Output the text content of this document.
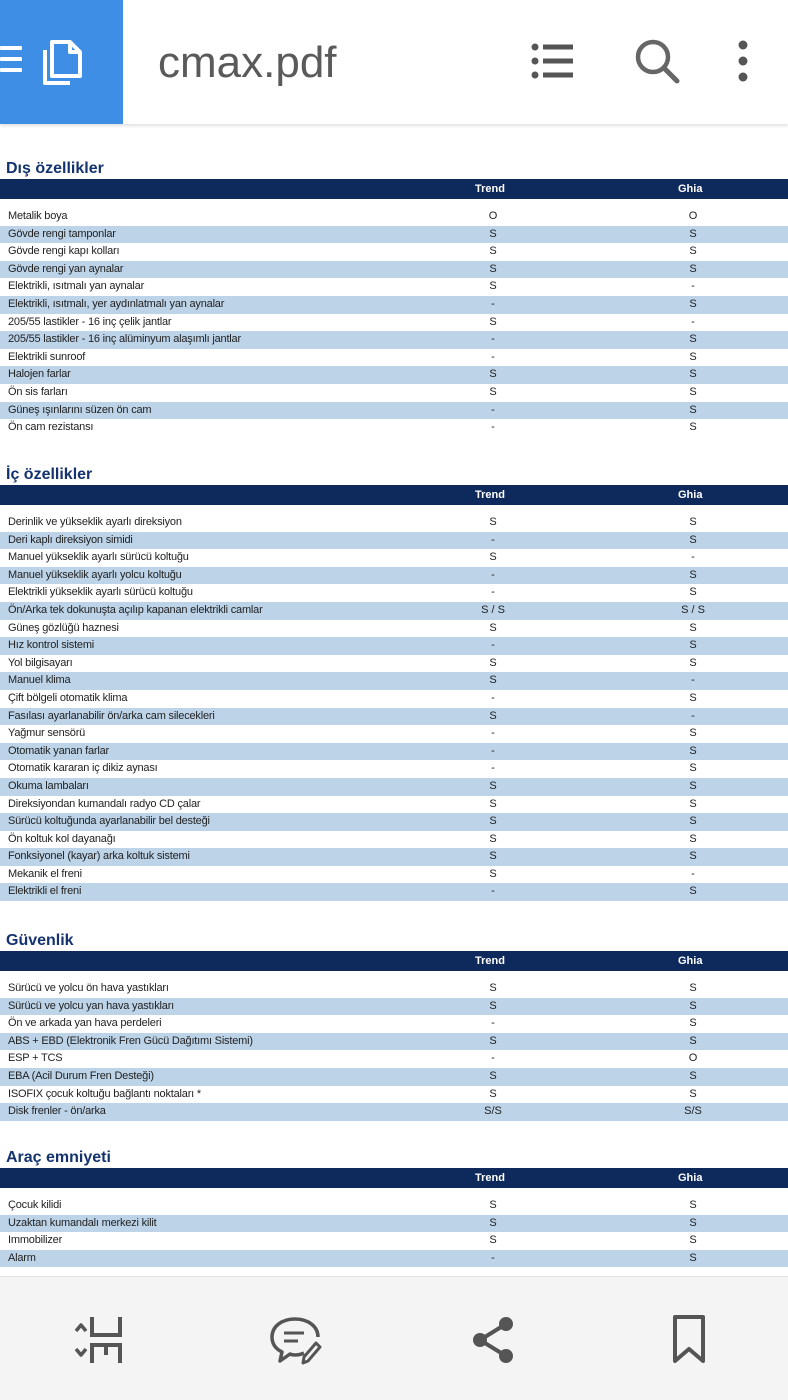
cmax.pdf
Dış özellikler
Trend	Ghia
Metalik boya	O	O
Gövde rengi tamponlar	S	S
Gövde rengi kapı kolları	S	S
Gövde rengi yan aynalar	S	S
Elektrikli, ısıtmalı yan aynalar	S	-
Elektrikli, ısıtmalı, yer aydınlatmalı yan aynalar	-	S
205/55 lastikler - 16 inç çelik jantlar	S	-
205/55 lastikler - 16 inç alüminyum alaşımlı jantlar	-	S
Elektrikli sunroof	-	S
Halojen farlar	S	S
Ön sis farları	S	S
Güneş ışınlarını süzen ön cam	-	S
Ön cam rezistansı	-	S
İç özellikler
Trend	Ghia
Derinlik ve yükseklik ayarlı direksiyon	S	S
Deri kaplı direksiyon simidi	-	S
Manuel yükseklik ayarlı sürücü koltuğu	S	-
Manuel yükseklik ayarlı yolcu koltuğu	-	S
Elektrikli yükseklik ayarlı sürücü koltuğu	-	S
Ön/Arka tek dokunuşta açılıp kapanan elektrikli camlar	S / S	S / S
Güneş gözlüğü haznesi	S	S
Hız kontrol sistemi	-	S
Yol bilgisayarı	S	S
Manuel klima	S	-
Çift bölgeli otomatik klima	-	S
Fasılası ayarlanabilir ön/arka cam silecekleri	S	-
Yağmur sensörü	-	S
Otomatik yanan farlar	-	S
Otomatik kararan iç dikiz aynası	-	S
Okuma lambaları	S	S
Direksiyondan kumandalı radyo CD çalar	S	S
Sürücü koltuğunda ayarlanabilir bel desteği	S	S
Ön koltuk kol dayanağı	S	S
Fonksiyonel (kayar) arka koltuk sistemi	S	S
Mekanik el freni	S	-
Elektrikli el freni	-	S
Güvenlik
Trend	Ghia
Sürücü ve yolcu ön hava yastıkları	S	S
Sürücü ve yolcu yan hava yastıkları	S	S
Ön ve arkada yan hava perdeleri	-	S
ABS + EBD (Elektronik Fren Gücü Dağıtımı Sistemi)	S	S
ESP + TCS	-	O
EBA (Acil Durum Fren Desteği)	S	S
ISOFIX çocuk koltuğu bağlantı noktaları *	S	S
Disk frenler - ön/arka	S/S	S/S
Araç emniyeti
Trend	Ghia
Çocuk kilidi	S	S
Uzaktan kumandalı merkezi kilit	S	S
Immobilizer	S	S
Alarm	-	S
